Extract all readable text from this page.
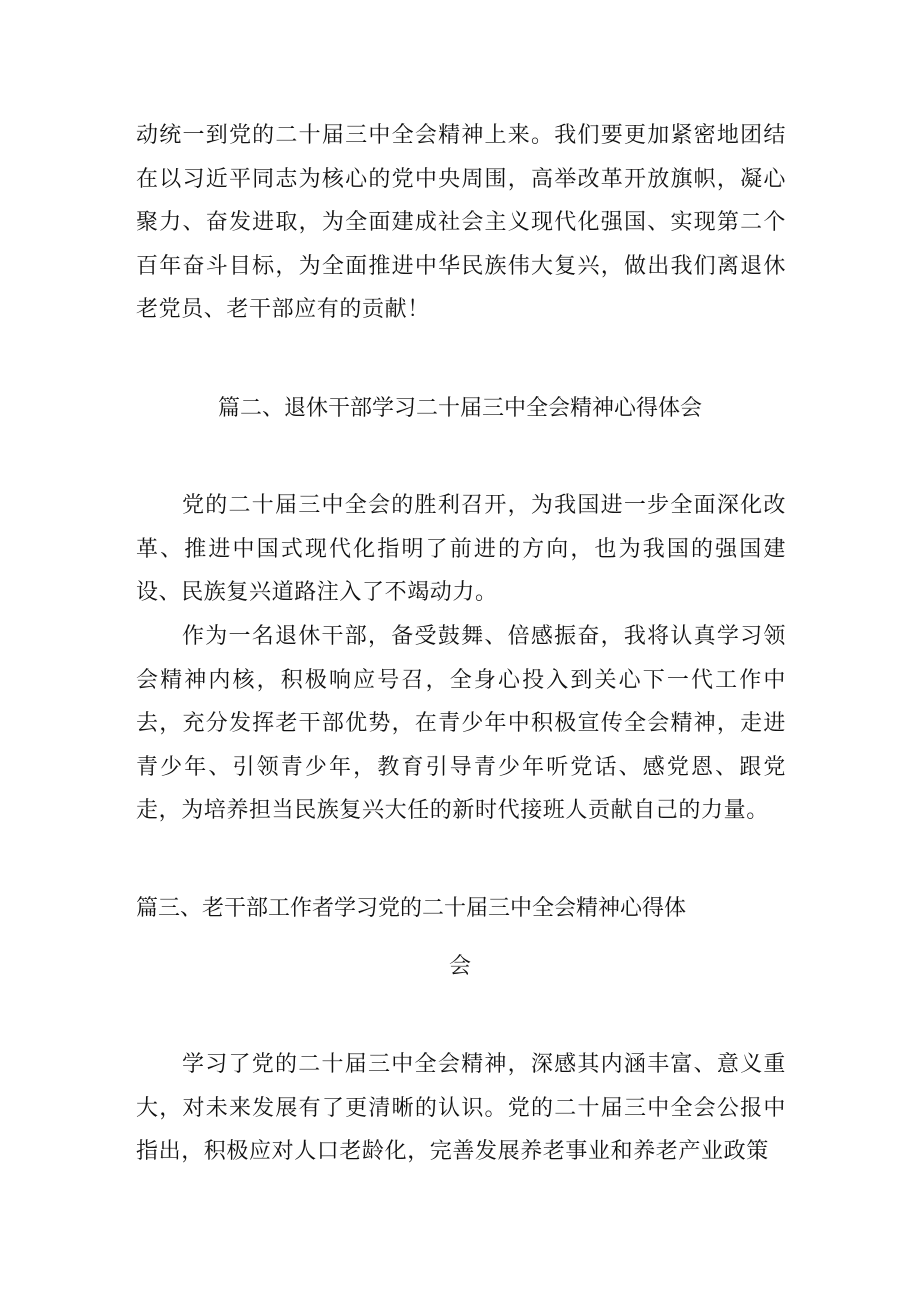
动统一到党的二十届三中全会精神上来。我们要更加紧密地团结在以习近平同志为核心的党中央周围，高举改革开放旗帜，凝心聚力、奋发进取，为全面建成社会主义现代化强国、实现第二个百年奋斗目标，为全面推进中华民族伟大复兴，做出我们离退休老党员、老干部应有的贡献！

篇二、退休干部学习二十届三中全会精神心得体会

党的二十届三中全会的胜利召开，为我国进一步全面深化改革、推进中国式现代化指明了前进的方向，也为我国的强国建设、民族复兴道路注入了不竭动力。

作为一名退休干部，备受鼓舞、倍感振奋，我将认真学习领会精神内核，积极响应号召，全身心投入到关心下一代工作中去，充分发挥老干部优势，在青少年中积极宣传全会精神，走进青少年、引领青少年，教育引导青少年听党话、感党恩、跟党走，为培养担当民族复兴大任的新时代接班人贡献自己的力量。

篇三、老干部工作者学习党的二十届三中全会精神心得体
会

学习了党的二十届三中全会精神，深感其内涵丰富、意义重大，对未来发展有了更清晰的认识。党的二十届三中全会公报中指出，积极应对人口老龄化，完善发展养老事业和养老产业政策
